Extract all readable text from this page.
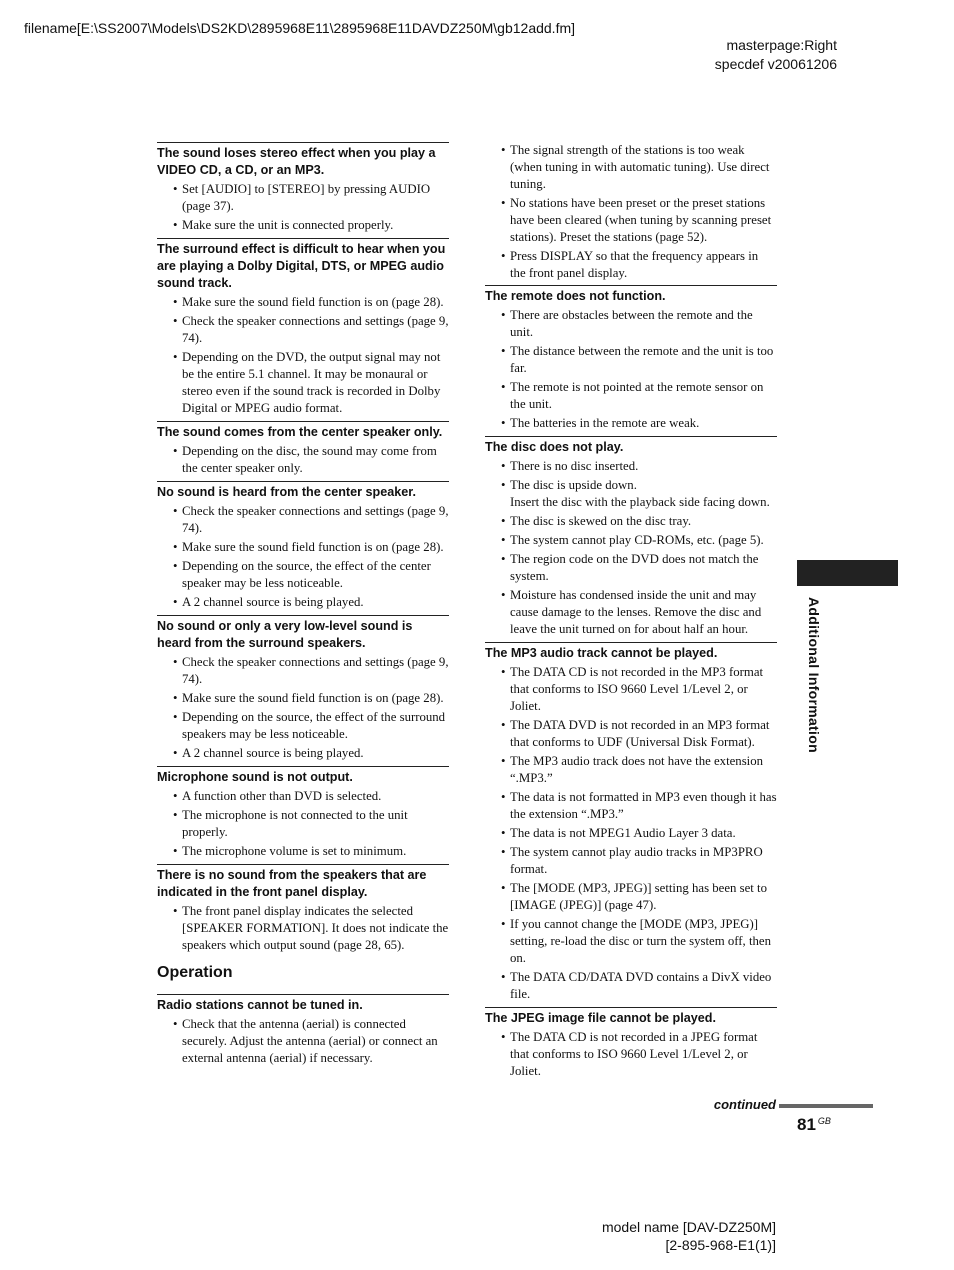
filename[E:\SS2007\Models\DS2KD\2895968E11\2895968E11DAVDZ250M\gb12add.fm]
masterpage:Right
specdef v20061206
The sound loses stereo effect when you play a VIDEO CD, a CD, or an MP3.
• Set [AUDIO] to [STEREO] by pressing AUDIO (page 37).
• Make sure the unit is connected properly.
The surround effect is difficult to hear when you are playing a Dolby Digital, DTS, or MPEG audio sound track.
• Make sure the sound field function is on (page 28).
• Check the speaker connections and settings (page 9, 74).
• Depending on the DVD, the output signal may not be the entire 5.1 channel. It may be monaural or stereo even if the sound track is recorded in Dolby Digital or MPEG audio format.
The sound comes from the center speaker only.
• Depending on the disc, the sound may come from the center speaker only.
No sound is heard from the center speaker.
• Check the speaker connections and settings (page 9, 74).
• Make sure the sound field function is on (page 28).
• Depending on the source, the effect of the center speaker may be less noticeable.
• A 2 channel source is being played.
No sound or only a very low-level sound is heard from the surround speakers.
• Check the speaker connections and settings (page 9, 74).
• Make sure the sound field function is on (page 28).
• Depending on the source, the effect of the surround speakers may be less noticeable.
• A 2 channel source is being played.
Microphone sound is not output.
• A function other than DVD is selected.
• The microphone is not connected to the unit properly.
• The microphone volume is set to minimum.
There is no sound from the speakers that are indicated in the front panel display.
• The front panel display indicates the selected [SPEAKER FORMATION]. It does not indicate the speakers which output sound (page 28, 65).
Operation
Radio stations cannot be tuned in.
• Check that the antenna (aerial) is connected securely. Adjust the antenna (aerial) or connect an external antenna (aerial) if necessary.
• The signal strength of the stations is too weak (when tuning in with automatic tuning). Use direct tuning.
• No stations have been preset or the preset stations have been cleared (when tuning by scanning preset stations). Preset the stations (page 52).
• Press DISPLAY so that the frequency appears in the front panel display.
The remote does not function.
• There are obstacles between the remote and the unit.
• The distance between the remote and the unit is too far.
• The remote is not pointed at the remote sensor on the unit.
• The batteries in the remote are weak.
The disc does not play.
• There is no disc inserted.
• The disc is upside down.
Insert the disc with the playback side facing down.
• The disc is skewed on the disc tray.
• The system cannot play CD-ROMs, etc. (page 5).
• The region code on the DVD does not match the system.
• Moisture has condensed inside the unit and may cause damage to the lenses. Remove the disc and leave the unit turned on for about half an hour.
The MP3 audio track cannot be played.
• The DATA CD is not recorded in the MP3 format that conforms to ISO 9660 Level 1/Level 2, or Joliet.
• The DATA DVD is not recorded in an MP3 format that conforms to UDF (Universal Disk Format).
• The MP3 audio track does not have the extension “.MP3.”
• The data is not formatted in MP3 even though it has the extension “.MP3.”
• The data is not MPEG1 Audio Layer 3 data.
• The system cannot play audio tracks in MP3PRO format.
• The [MODE (MP3, JPEG)] setting has been set to [IMAGE (JPEG)] (page 47).
• If you cannot change the [MODE (MP3, JPEG)] setting, re-load the disc or turn the system off, then on.
• The DATA CD/DATA DVD contains a DivX video file.
The JPEG image file cannot be played.
• The DATA CD is not recorded in a JPEG format that conforms to ISO 9660 Level 1/Level 2, or Joliet.
Additional Information
continued
81 $^{GB}$
model name [DAV-DZ250M]
[2-895-968-E1(1)]
